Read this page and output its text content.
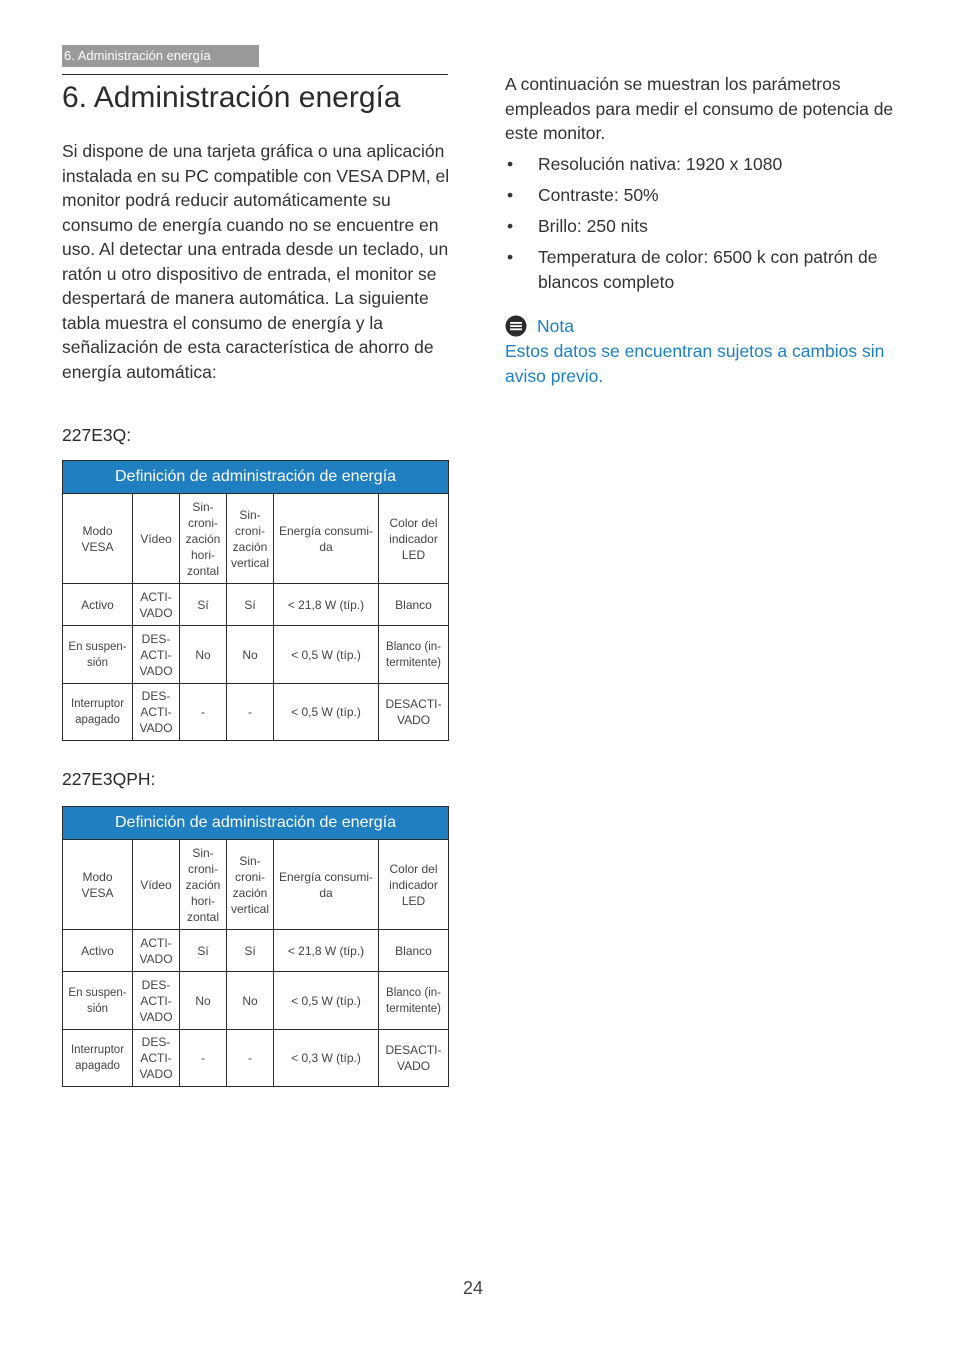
6. Administración energía
6. Administración energía

Si dispone de una tarjeta gráfica o una aplicación instalada en su PC compatible con VESA DPM, el monitor podrá reducir automáticamente su consumo de energía cuando no se encuentre en uso. Al detectar una entrada desde un teclado, un ratón u otro dispositivo de entrada, el monitor se despertará de manera automática. La siguiente tabla muestra el consumo de energía y la señalización de esta característica de ahorro de energía automática:

227E3Q:

Definición de administración de energía					
Modo VESA	Vídeo	Sin-croni-zación hori-zontal	Sin-croni-zación vertical	Energía consumi-da	Color del indicador LED
Activo	ACTI-VADO	Sí	Sí	< 21,8 W (típ.)	Blanco
En suspen-sión	DES-ACTI-VADO	No	No	< 0,5 W (típ.)	Blanco (in-termitente)
Interruptor apagado	DES-ACTI-VADO	-	-	< 0,5 W (típ.)	DESACTI-VADO

227E3QPH:

Definición de administración de energía					
Modo VESA	Vídeo	Sin-croni-zación hori-zontal	Sin-croni-zación vertical	Energía consumi-da	Color del indicador LED
Activo	ACTI-VADO	Sí	Sí	< 21,8 W (típ.)	Blanco
En suspen-sión	DES-ACTI-VADO	No	No	< 0,5 W (típ.)	Blanco (in-termitente)
Interruptor apagado	DES-ACTI-VADO	-	-	< 0,3 W (típ.)	DESACTI-VADO

A continuación se muestran los parámetros empleados para medir el consumo de potencia de este monitor.

• Resolución nativa: 1920 x 1080
• Contraste: 50%
• Brillo: 250 nits
• Temperatura de color: 6500 k con patrón de blancos completo
Nota

Estos datos se encuentran sujetos a cambios sin aviso previo.

24
